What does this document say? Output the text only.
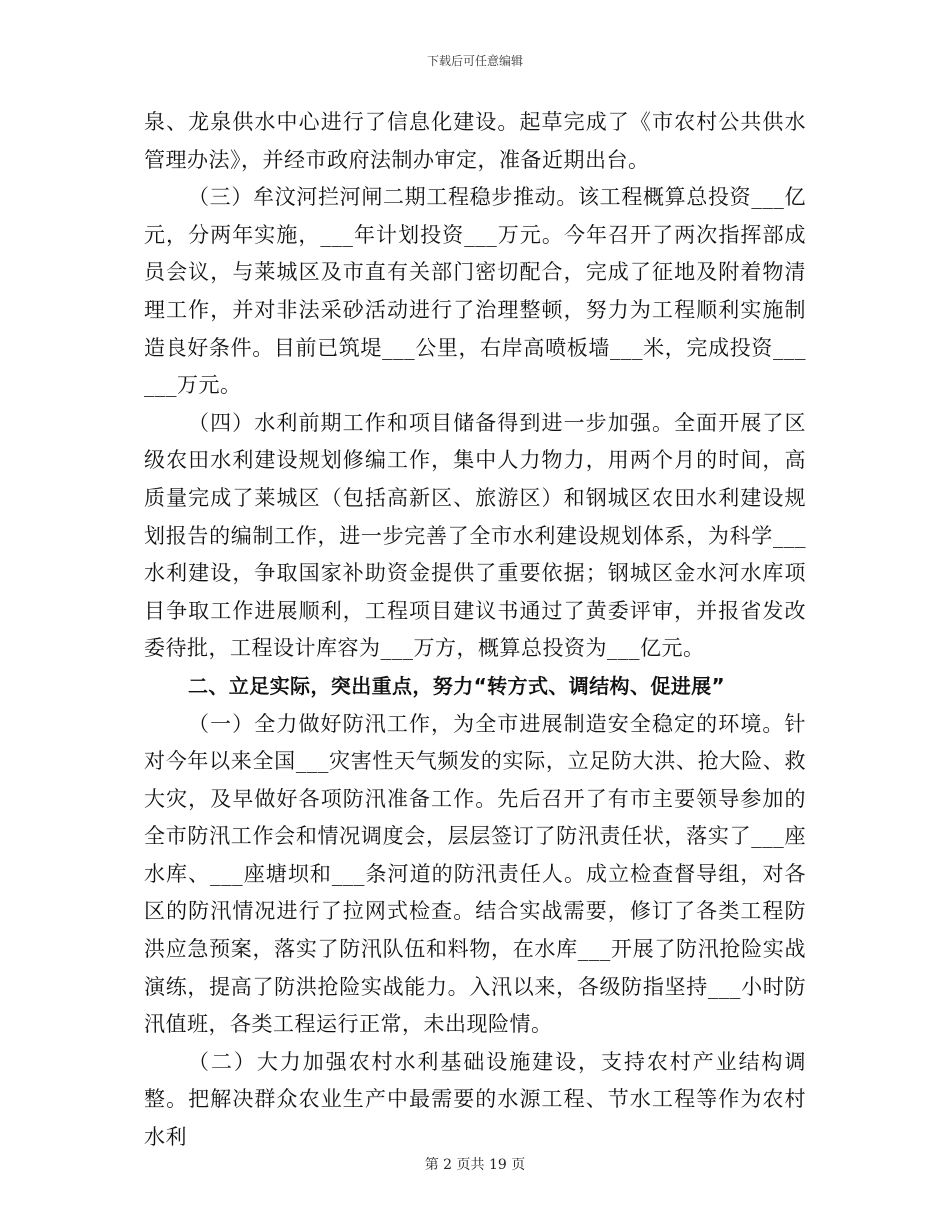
下载后可任意编辑

泉、龙泉供水中心进行了信息化建设。起草完成了《市农村公共供水管理办法》，并经市政府法制办审定，准备近期出台。

（三）牟汶河拦河闸二期工程稳步推动。该工程概算总投资___亿元，分两年实施，___年计划投资___万元。今年召开了两次指挥部成员会议，与莱城区及市直有关部门密切配合，完成了征地及附着物清理工作，并对非法采砂活动进行了治理整顿，努力为工程顺利实施制造良好条件。目前已筑堤___公里，右岸高喷板墙___米，完成投资______万元。

（四）水利前期工作和项目储备得到进一步加强。全面开展了区级农田水利建设规划修编工作，集中人力物力，用两个月的时间，高质量完成了莱城区（包括高新区、旅游区）和钢城区农田水利建设规划报告的编制工作，进一步完善了全市水利建设规划体系，为科学___水利建设，争取国家补助资金提供了重要依据；钢城区金水河水库项目争取工作进展顺利，工程项目建议书通过了黄委评审，并报省发改委待批，工程设计库容为___万方，概算总投资为___亿元。

二、立足实际，突出重点，努力“转方式、调结构、促进展”

（一）全力做好防汛工作，为全市进展制造安全稳定的环境。针对今年以来全国___灾害性天气频发的实际，立足防大洪、抢大险、救大灾，及早做好各项防汛准备工作。先后召开了有市主要领导参加的全市防汛工作会和情况调度会，层层签订了防汛责任状，落实了___座水库、___座塘坝和___条河道的防汛责任人。成立检查督导组，对各区的防汛情况进行了拉网式检查。结合实战需要，修订了各类工程防洪应急预案，落实了防汛队伍和料物，在水库___开展了防汛抢险实战演练，提高了防洪抢险实战能力。入汛以来，各级防指坚持___小时防汛值班，各类工程运行正常，未出现险情。

（二）大力加强农村水利基础设施建设，支持农村产业结构调整。把解决群众农业生产中最需要的水源工程、节水工程等作为农村水利

第 2 页共 19 页
